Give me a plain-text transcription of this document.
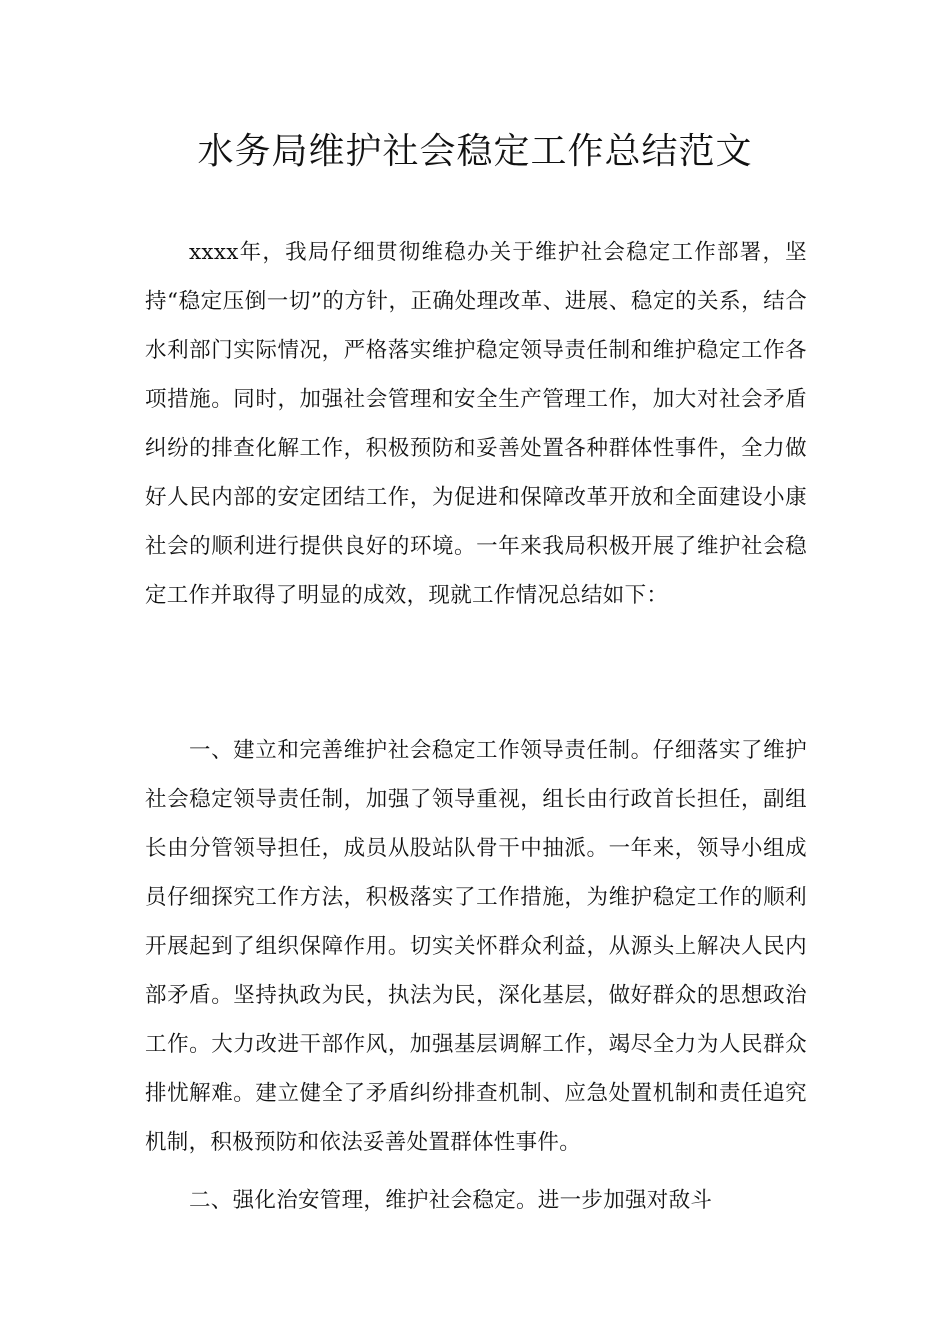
水务局维护社会稳定工作总结范文

xxxx年，我局仔细贯彻维稳办关于维护社会稳定工作部署，坚持“稳定压倒一切”的方针，正确处理改革、进展、稳定的关系，结合水利部门实际情况，严格落实维护稳定领导责任制和维护稳定工作各项措施。同时，加强社会管理和安全生产管理工作，加大对社会矛盾纠纷的排查化解工作，积极预防和妥善处置各种群体性事件，全力做好人民内部的安定团结工作，为促进和保障改革开放和全面建设小康社会的顺利进行提供良好的环境。一年来我局积极开展了维护社会稳定工作并取得了明显的成效，现就工作情况总结如下：

一、建立和完善维护社会稳定工作领导责任制。仔细落实了维护社会稳定领导责任制，加强了领导重视，组长由行政首长担任，副组长由分管领导担任，成员从股站队骨干中抽派。一年来，领导小组成员仔细探究工作方法，积极落实了工作措施，为维护稳定工作的顺利开展起到了组织保障作用。切实关怀群众利益，从源头上解决人民内部矛盾。坚持执政为民，执法为民，深化基层，做好群众的思想政治工作。大力改进干部作风，加强基层调解工作，竭尽全力为人民群众排忧解难。建立健全了矛盾纠纷排查机制、应急处置机制和责任追究机制，积极预防和依法妥善处置群体性事件。

二、强化治安管理，维护社会稳定。进一步加强对敌斗
